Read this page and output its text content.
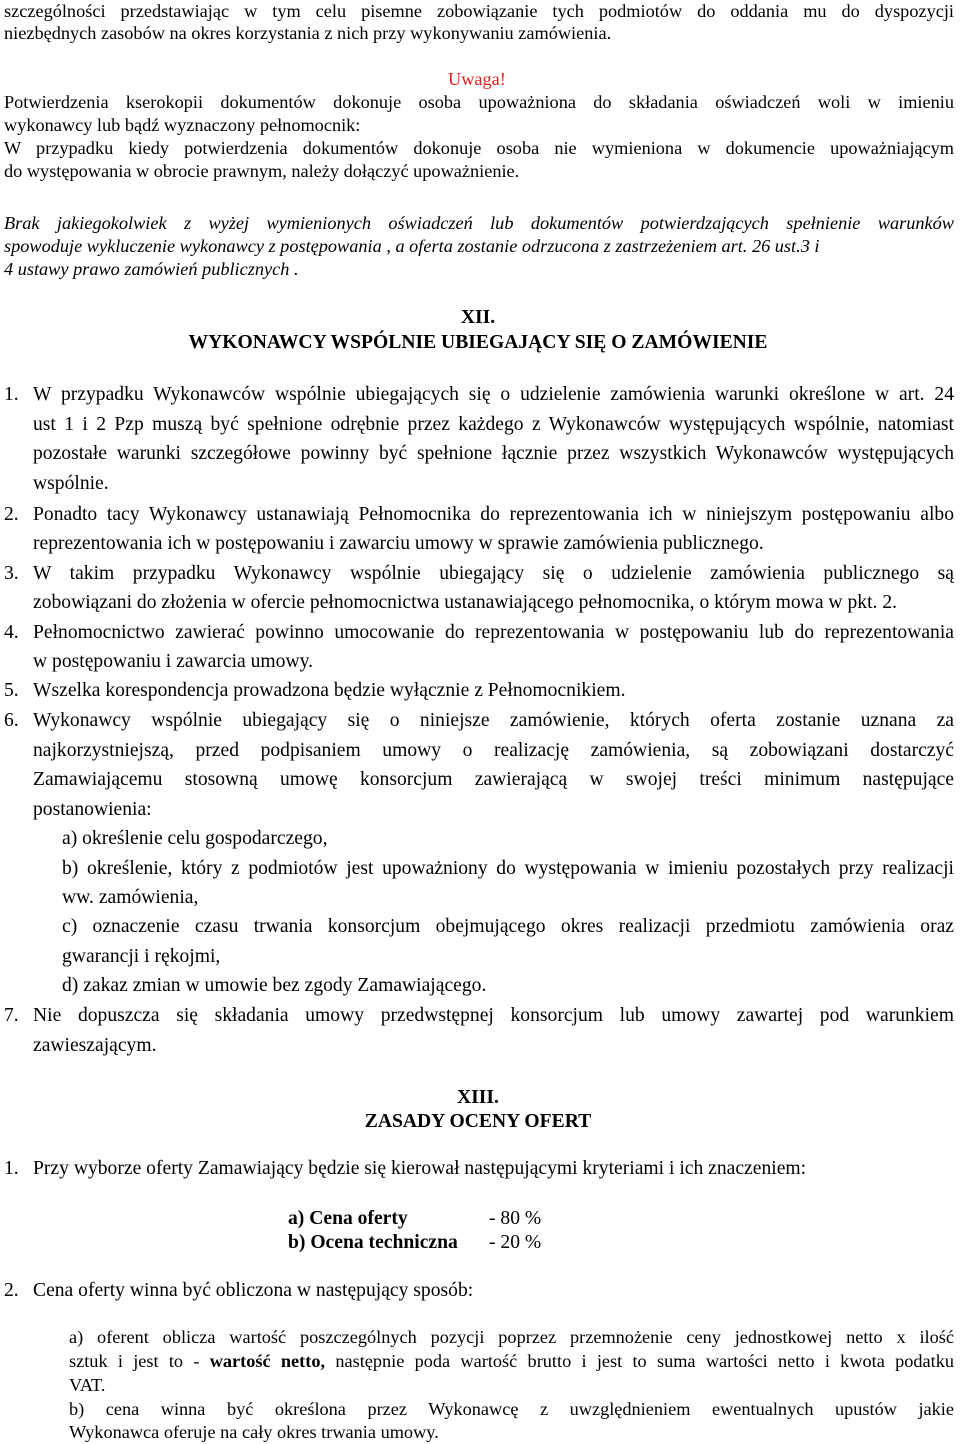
szczególności przedstawiając w tym celu pisemne zobowiązanie tych podmiotów do oddania mu do dyspozycji
niezbędnych zasobów na okres korzystania z nich przy wykonywaniu zamówienia.
Uwaga!
Potwierdzenia kserokopii dokumentów dokonuje osoba upoważniona do składania oświadczeń woli w imieniu
wykonawcy lub bądź wyznaczony pełnomocnik:
W przypadku kiedy potwierdzenia dokumentów dokonuje osoba nie wymieniona w dokumencie upoważniającym
do występowania w obrocie prawnym, należy dołączyć upoważnienie.
Brak jakiegokolwiek z wyżej wymienionych oświadczeń lub dokumentów potwierdzających spełnienie warunków
spowoduje wykluczenie wykonawcy z postępowania , a oferta zostanie odrzucona z zastrzeżeniem art. 26 ust.3 i
4 ustawy prawo zamówień publicznych .
XII.
WYKONAWCY WSPÓLNIE UBIEGAJĄCY SIĘ O ZAMÓWIENIE
1. W przypadku Wykonawców wspólnie ubiegających się o udzielenie zamówienia warunki określone w art. 24
ust 1 i 2 Pzp muszą być spełnione odrębnie przez każdego z Wykonawców występujących wspólnie, natomiast
pozostałe warunki szczegółowe powinny być spełnione łącznie przez wszystkich Wykonawców występujących
wspólnie.
2. Ponadto tacy Wykonawcy ustanawiają Pełnomocnika do reprezentowania ich w niniejszym postępowaniu albo
reprezentowania ich w postępowaniu i zawarciu umowy w sprawie zamówienia publicznego.
3. W takim przypadku Wykonawcy wspólnie ubiegający się o udzielenie zamówienia publicznego są
zobowiązani do złożenia w ofercie pełnomocnictwa ustanawiającego pełnomocnika, o którym mowa w pkt. 2.
4. Pełnomocnictwo zawierać powinno umocowanie do reprezentowania w postępowaniu lub do reprezentowania
w postępowaniu i zawarcia umowy.
5. Wszelka korespondencja prowadzona będzie wyłącznie z Pełnomocnikiem.
6. Wykonawcy wspólnie ubiegający się o niniejsze zamówienie, których oferta zostanie uznana za
najkorzystniejszą, przed podpisaniem umowy o realizację zamówienia, są zobowiązani dostarczyć
Zamawiającemu stosowną umowę konsorcjum zawierającą w swojej treści minimum następujące
postanowienia:
a) określenie celu gospodarczego,
b) określenie, który z podmiotów jest upoważniony do występowania w imieniu pozostałych przy realizacji
ww. zamówienia,
c) oznaczenie czasu trwania konsorcjum obejmującego okres realizacji przedmiotu zamówienia oraz
gwarancji i rękojmi,
d) zakaz zmian w umowie bez zgody Zamawiającego.
7. Nie dopuszcza się składania umowy przedwstępnej konsorcjum lub umowy zawartej pod warunkiem
zawieszającym.
XIII.
ZASADY OCENY OFERT
1. Przy wyborze oferty Zamawiający będzie się kierował następującymi kryteriami i ich znaczeniem:
a) Cena oferty	- 80 %
b) Ocena techniczna - 20 %
2. Cena oferty winna być obliczona w następujący sposób:
a) oferent oblicza wartość poszczególnych pozycji poprzez przemnożenie ceny jednostkowej netto x ilość
sztuk i jest to - wartość netto, następnie poda wartość brutto i jest to suma wartości netto i kwota podatku
VAT.
b) cena winna być określona przez Wykonawcę z uwzględnieniem ewentualnych upustów jakie
Wykonawca oferuje na cały okres trwania umowy.
